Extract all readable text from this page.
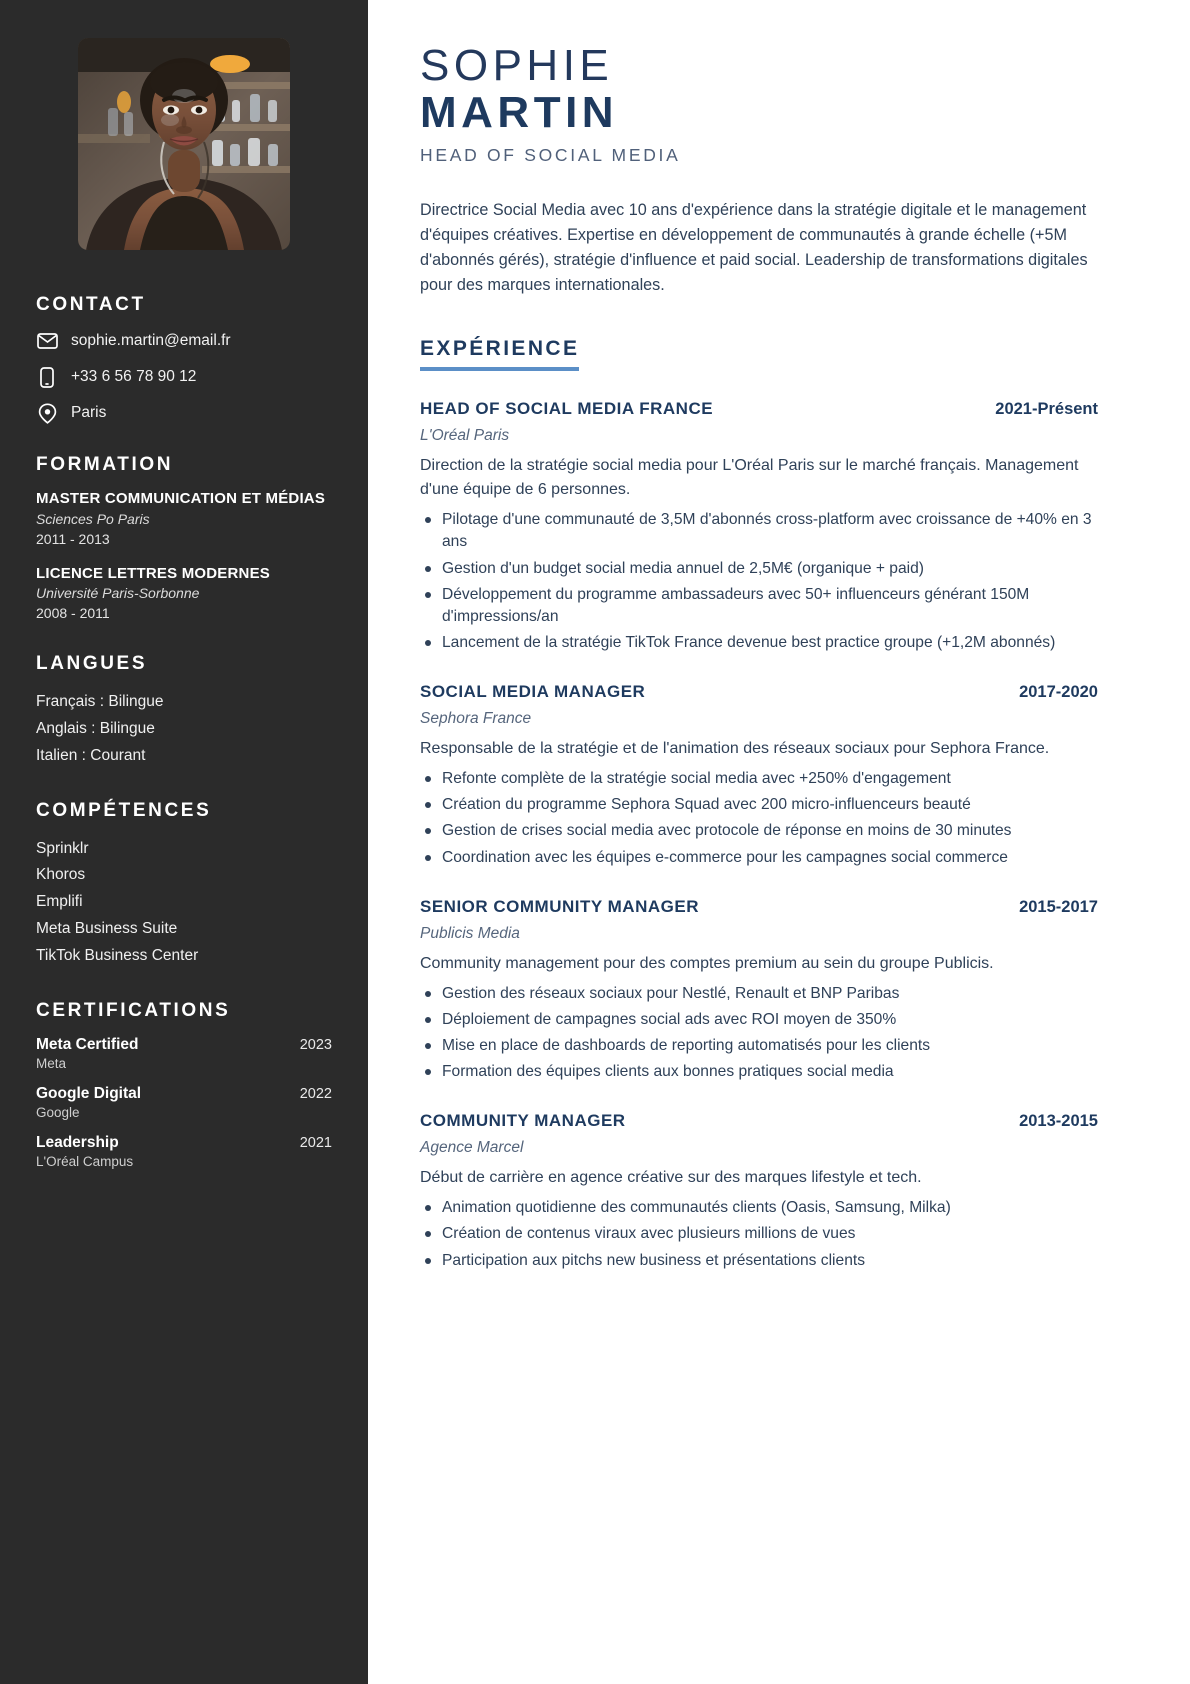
CONTACT
sophie.martin@email.fr
+33 6 56 78 90 12
Paris
FORMATION
MASTER COMMUNICATION ET MÉDIAS
Sciences Po Paris
2011 - 2013
LICENCE LETTRES MODERNES
Université Paris-Sorbonne
2008 - 2011
LANGUES
Français : Bilingue
Anglais : Bilingue
Italien : Courant
COMPÉTENCES
Sprinklr
Khoros
Emplifi
Meta Business Suite
TikTok Business Center
CERTIFICATIONS
Meta Certified	2023
Meta
Google Digital	2022
Google
Leadership	2021
L'Oréal Campus
SOPHIE
MARTIN
HEAD OF SOCIAL MEDIA

Directrice Social Media avec 10 ans d'expérience dans la stratégie digitale et le management d'équipes créatives. Expertise en développement de communautés à grande échelle (+5M d'abonnés gérés), stratégie d'influence et paid social. Leadership de transformations digitales pour des marques internationales.

EXPÉRIENCE
HEAD OF SOCIAL MEDIA FRANCE	2021-Présent
L'Oréal Paris

Direction de la stratégie social media pour L'Oréal Paris sur le marché français. Management d'une équipe de 6 personnes.

Pilotage d'une communauté de 3,5M d'abonnés cross-platform avec croissance de +40% en 3 ans
Gestion d'un budget social media annuel de 2,5M€ (organique + paid)
Développement du programme ambassadeurs avec 50+ influenceurs générant 150M d'impressions/an
Lancement de la stratégie TikTok France devenue best practice groupe (+1,2M abonnés)
SOCIAL MEDIA MANAGER	2017-2020
Sephora France

Responsable de la stratégie et de l'animation des réseaux sociaux pour Sephora France.

Refonte complète de la stratégie social media avec +250% d'engagement
Création du programme Sephora Squad avec 200 micro-influenceurs beauté
Gestion de crises social media avec protocole de réponse en moins de 30 minutes
Coordination avec les équipes e-commerce pour les campagnes social commerce
SENIOR COMMUNITY MANAGER	2015-2017
Publicis Media

Community management pour des comptes premium au sein du groupe Publicis.

Gestion des réseaux sociaux pour Nestlé, Renault et BNP Paribas
Déploiement de campagnes social ads avec ROI moyen de 350%
Mise en place de dashboards de reporting automatisés pour les clients
Formation des équipes clients aux bonnes pratiques social media
COMMUNITY MANAGER	2013-2015
Agence Marcel

Début de carrière en agence créative sur des marques lifestyle et tech.

Animation quotidienne des communautés clients (Oasis, Samsung, Milka)
Création de contenus viraux avec plusieurs millions de vues
Participation aux pitchs new business et présentations clients
